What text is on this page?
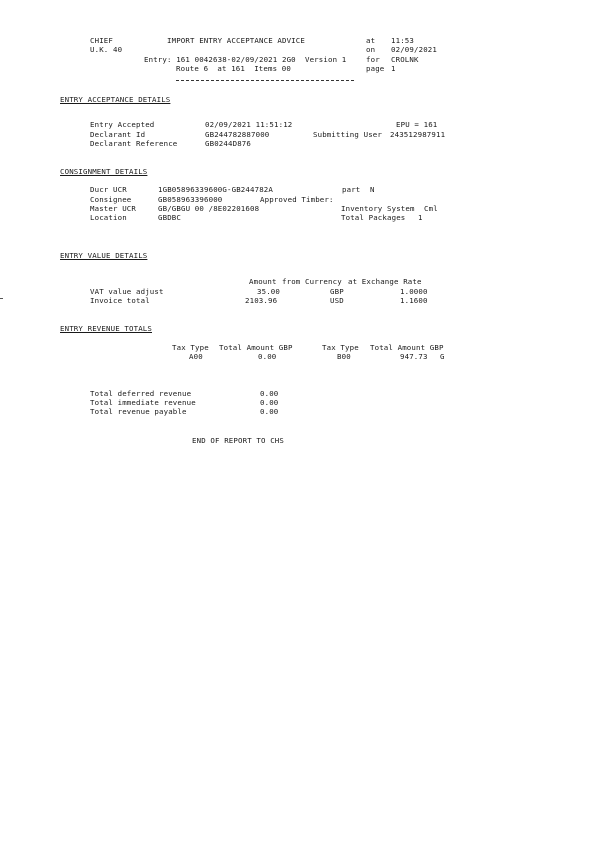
CHIEF
U.K. 40
IMPORT ENTRY ACCEPTANCE ADVICE	at 11:53
on 02/09/2021
Entry: 161 0042638-02/09/2021 2G0  Version 1	for CROLNK
Route 6  at 161  Items 00	page 1
ENTRY ACCEPTANCE DETAILS
Entry Accepted	02/09/2021 11:51:12	EPU = 161
Declarant Id	GB244782887000	Submitting User 243512987911
Declarant Reference	GB0244D876
CONSIGNMENT DETAILS
Ducr UCR	1GB05896339600G-GB244782A	part N
Consignee	GB058963396000	Approved Timber:
Master UCR	GB/GBGU 00 /8E02201608	Inventory System Cml
Location	GBDBC	Total Packages 1
ENTRY VALUE DETAILS
Amount from Currency at Exchange Rate
VAT value adjust	35.00	GBP	1.0000
Invoice total	2103.96	USD	1.1600
ENTRY REVENUE TOTALS
Tax Type Total Amount GBP	Tax Type Total Amount GBP
A00	0.00	B00	947.73 G
Total deferred revenue	0.00
Total immediate revenue	0.00
Total revenue payable	0.00
END OF REPORT TO CHS
